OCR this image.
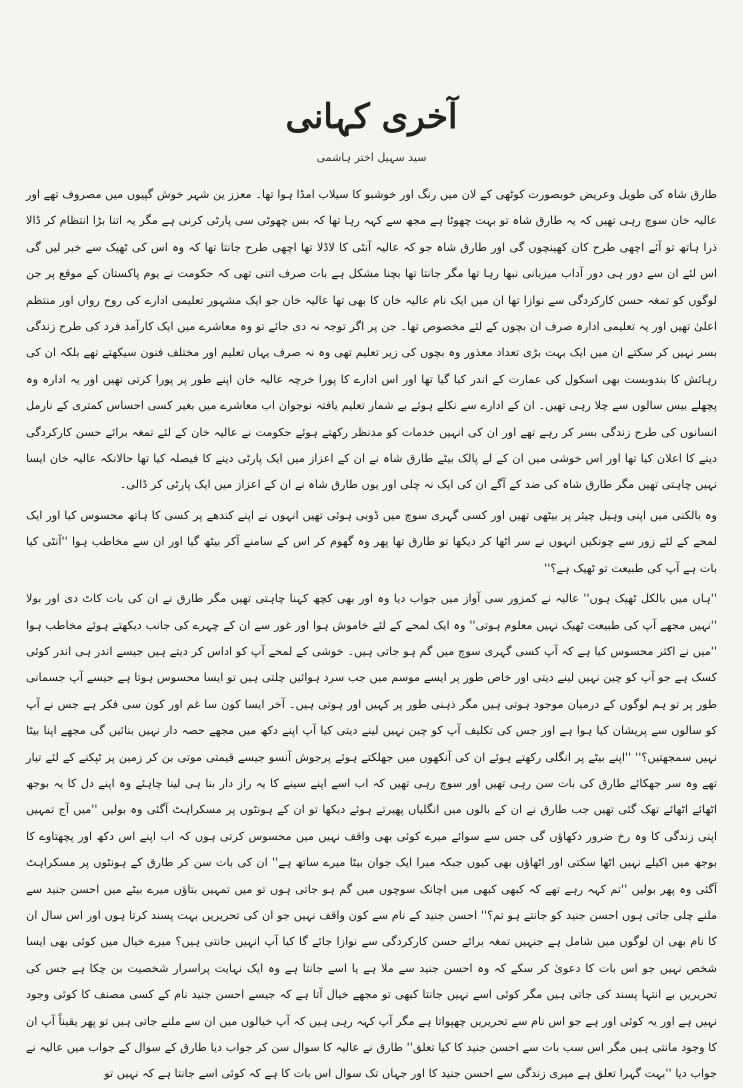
آخری کہانی
سید سہیل اختر ہاشمی

طارق شاہ کی طویل وعریض خوبصورت کوٹھی کے لان میں رنگ اور خوشبو کا سیلاب امڈا ہوا تھا۔ معزز ین شہر خوش گپیوں میں مصروف تھے اور عالیہ خان سوچ رہی تھیں کہ یہ طارق شاہ تو بہت چھوٹا ہے مجھ سے کہہ رہا تھا کہ بس چھوٹی سی پارٹی کرنی ہے مگر یہ اتنا بڑا انتظام کر ڈالا ذرا ہاتھ تو آئے اچھی طرح کان کھینچوں گی اور طارق شاہ جو کہ عالیہ آنٹی کا لاڈلا تھا اچھی طرح جانتا تھا کہ وہ اس کی ٹھیک سے خبر لیں گی اس لئے ان سے دور ہی دور آداب میزبانی نبھا رہا تھا مگر جانتا تھا بچنا مشکل ہے بات صرف اتنی تھی کہ حکومت نے یوم پاکستان کے موقع پر جن لوگوں کو تمغہ حسن کارکردگی سے نوازا تھا ان میں ایک نام عالیہ خان کا بھی تھا عالیہ خان جو ایک مشہور تعلیمی ادارے کی روح رواں اور منتظم اعلیٰ تھیں اور یہ تعلیمی ادارہ صرف ان بچوں کے لئے مخصوص تھا۔ جن پر اگر توجہ نہ دی جائے تو وہ معاشرے میں ایک کارآمد فرد کی طرح زندگی بسر نہیں کر سکتے ان میں ایک بہت بڑی تعداد معذور وہ بچوں کی زیر تعلیم تھی وہ نہ صرف یہاں تعلیم اور مختلف فنون سیکھتے تھے بلکہ ان کی رہائش کا بندوبست بھی اسکول کی عمارت کے اندر کیا گیا تھا اور اس ادارے کا پورا خرچہ عالیہ خان اپنے طور پر پورا کرتی تھیں اور یہ ادارہ وہ پچھلے بیس سالوں سے چلا رہی تھیں۔ ان کے ادارے سے نکلے ہوئے بے شمار تعلیم یافتہ نوجوان اب معاشرے میں بغیر کسی احساس کمتری کے نارمل انسانوں کی طرح زندگی بسر کر رہے تھے اور ان کی انہیں خدمات کو مدنظر رکھتے ہوئے حکومت نے عالیہ خان کے لئے تمغہ برائے حسن کارکردگی دینے کا اعلان کیا تھا اور اس خوشی میں ان کے لے پالک بیٹے طارق شاہ نے ان کے اعزاز میں ایک پارٹی دینے کا فیصلہ کیا تھا حالانکہ عالیہ خان ایسا نہیں چاہتی تھیں مگر طارق شاہ کی ضد کے آگے ان کی ایک نہ چلی اور یوں طارق شاہ نے ان کے اعزاز میں ایک پارٹی کر ڈالی۔

وہ بالکنی میں اپنی وہیل چیئر پر بیٹھی تھیں اور کسی گہری سوچ میں ڈوبی ہوئی تھیں انہوں نے اپنے کندھے پر کسی کا ہاتھ محسوس کیا اور ایک لمحے کے لئے زور سے چونکیں انہوں نے سر اٹھا کر دیکھا تو طارق تھا پھر وہ گھوم کر اس کے سامنے آکر بیٹھ گیا اور ان سے مخاطب ہوا ''آنٹی کیا بات ہے آپ کی طبیعت تو ٹھیک ہے؟''

''ہاں میں بالکل ٹھیک ہوں'' عالیہ نے کمزور سی آواز میں جواب دیا وہ اور بھی کچھ کہنا چاہتی تھیں مگر طارق نے ان کی بات کاٹ دی اور بولا ''نہیں مجھے آپ کی طبیعت ٹھیک نہیں معلوم ہوتی'' وہ ایک لمحے کے لئے خاموش ہوا اور غور سے ان کے چہرے کی جانب دیکھتے ہوئے مخاطب ہوا ''میں نے اکثر محسوس کیا ہے کہ آپ کسی گہری سوچ میں گم ہو جاتی ہیں۔ خوشی کے لمحے آپ کو اداس کر دیتے ہیں جیسے اندر ہی اندر کوئی کسک ہے جو آپ کو چین نہیں لینے دیتی اور خاص طور پر ایسے موسم میں جب سرد ہوائیں چلتی ہیں تو ایسا محسوس ہوتا ہے جیسے آپ جسمانی طور پر تو ہم لوگوں کے درمیان موجود ہوتی ہیں مگر ذہنی طور پر کہیں اور ہوتی ہیں۔ آخر ایسا کون سا غم اور کون سی فکر ہے جس نے آپ کو سالوں سے پریشان کیا ہوا ہے اور جس کی تکلیف آپ کو چین نہیں لینے دیتی کیا آپ اپنے دکھ میں مجھے حصہ دار نہیں بنائیں گی مجھے اپنا بیٹا نہیں سمجھتیں؟'' ''اپنے بیٹے پر انگلی رکھتے ہوئے ان کی آنکھوں میں جھلکتے ہوئے پرجوش آنسو جیسے قیمتی موتی بن کر زمین پر ٹپکنے کے لئے تیار تھے وہ سر جھکائے طارق کی بات سن رہی تھیں اور سوچ رہی تھیں کہ اب اسے اپنے سینے کا یہ راز دار بنا ہی لینا چاہئے وہ اپنے دل کا یہ بوجھ اٹھائے اٹھائے تھک گئی تھیں جب طارق نے ان کے بالوں میں انگلیاں پھیرتے ہوئے دیکھا تو ان کے ہونٹوں پر مسکراہٹ آگئی وہ بولیں ''میں آج تمہیں اپنی زندگی کا وہ رخ ضرور دکھاؤں گی جس سے سوائے میرے کوئی بھی واقف نہیں میں محسوس کرتی ہوں کہ اب اپنے اس دکھ اور پچھتاوے کا بوجھ میں اکیلے نہیں اٹھا سکتی اور اٹھاؤں بھی کیوں جبکہ میرا ایک جوان بیٹا میرے ساتھ ہے'' ان کی بات سن کر طارق کے ہونٹوں پر مسکراہٹ آگئی وہ پھر بولیں ''تم کہہ رہے تھے کہ کبھی کبھی میں اچانک سوچوں میں گم ہو جاتی ہوں تو میں تمہیں بتاؤں میرے بیٹے میں احسن جنید سے ملنے چلی جاتی ہوں احسن جنید کو جانتے ہو تم؟'' احسن جنید کے نام سے کون واقف نہیں جو ان کی تحریریں بہت پسند کرتا ہوں اور اس سال ان کا نام بھی ان لوگوں میں شامل ہے جنہیں تمغہ برائے حسن کارکردگی سے نوازا جائے گا کیا آپ انہیں جانتی ہیں؟ میرے خیال میں کوئی بھی ایسا شخص نہیں جو اس بات کا دعویٰ کر سکے کہ وہ احسن جنید سے ملا ہے یا اسے جانتا ہے وہ ایک نہایت پراسرار شخصیت بن چکا ہے جس کی تحریریں بے انتہا پسند کی جاتی ہیں مگر کوئی اسے نہیں جانتا کبھی تو مجھے خیال آتا ہے کہ جیسے احسن جنید نام کے کسی مصنف کا کوئی وجود نہیں ہے اور یہ کوئی اور ہے جو اس نام سے تحریریں چھپواتا ہے مگر آپ کہہ رہی ہیں کہ آپ خیالوں میں ان سے ملنے جاتی ہیں تو پھر یقیناً آپ ان کا وجود مانتی ہیں مگر اس سب بات سے احسن جنید کا کیا تعلق'' طارق نے عالیہ کا سوال سن کر جواب دیا طارق کے سوال کے جواب میں عالیہ نے جواب دیا ''بہت گہرا تعلق ہے میری زندگی سے احسن جنید کا اور جہاں تک سوال اس بات کا ہے کہ کوئی اسے جانتا ہے کہ نہیں تو
